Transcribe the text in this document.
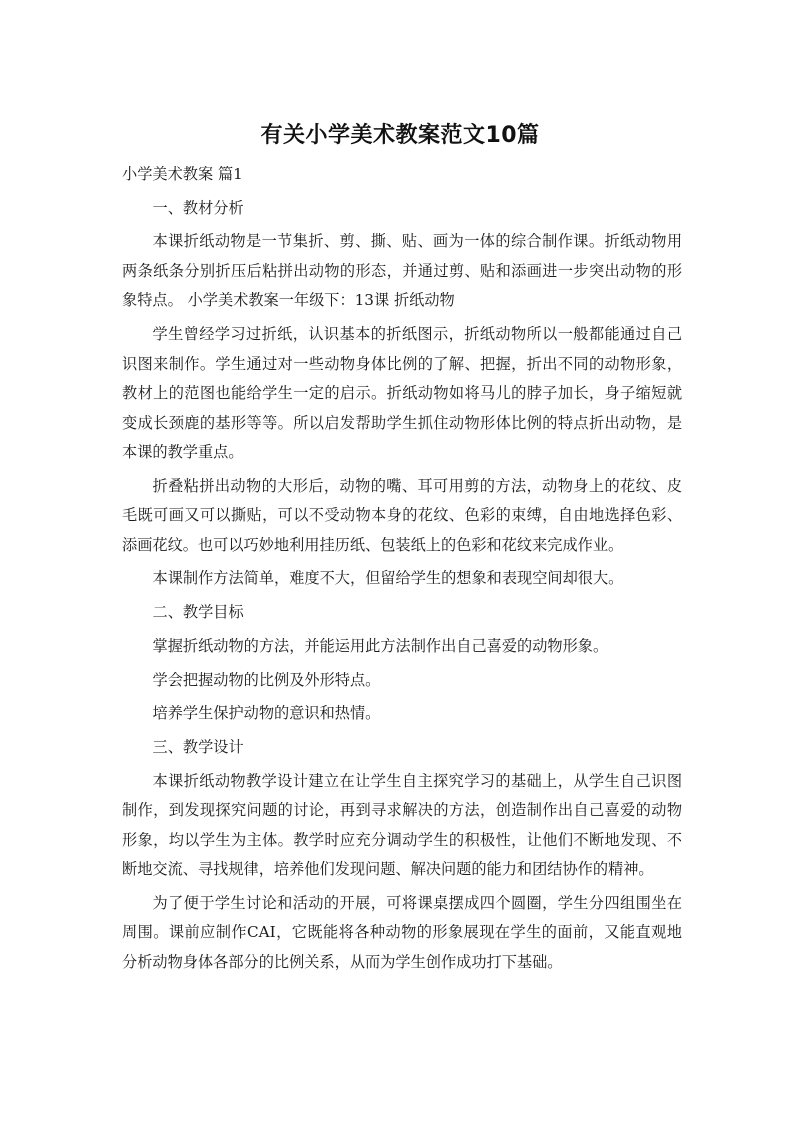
有关小学美术教案范文10篇

小学美术教案 篇1

一、教材分析

本课折纸动物是一节集折、剪、撕、贴、画为一体的综合制作课。折纸动物用两条纸条分别折压后粘拼出动物的形态，并通过剪、贴和添画进一步突出动物的形象特点。 小学美术教案一年级下：13课 折纸动物

学生曾经学习过折纸，认识基本的折纸图示，折纸动物所以一般都能通过自己识图来制作。学生通过对一些动物身体比例的了解、把握，折出不同的动物形象，教材上的范图也能给学生一定的启示。折纸动物如将马儿的脖子加长，身子缩短就变成长颈鹿的基形等等。所以启发帮助学生抓住动物形体比例的特点折出动物，是本课的教学重点。

折叠粘拼出动物的大形后，动物的嘴、耳可用剪的方法，动物身上的花纹、皮毛既可画又可以撕贴，可以不受动物本身的花纹、色彩的束缚，自由地选择色彩、添画花纹。也可以巧妙地利用挂历纸、包装纸上的色彩和花纹来完成作业。

本课制作方法简单，难度不大，但留给学生的想象和表现空间却很大。

二、教学目标

掌握折纸动物的方法，并能运用此方法制作出自己喜爱的动物形象。

学会把握动物的比例及外形特点。

培养学生保护动物的意识和热情。

三、教学设计

本课折纸动物教学设计建立在让学生自主探究学习的基础上，从学生自己识图制作，到发现探究问题的讨论，再到寻求解决的方法，创造制作出自己喜爱的动物形象，均以学生为主体。教学时应充分调动学生的积极性，让他们不断地发现、不断地交流、寻找规律，培养他们发现问题、解决问题的能力和团结协作的精神。

为了便于学生讨论和活动的开展，可将课桌摆成四个圆圈，学生分四组围坐在周围。课前应制作CAI，它既能将各种动物的形象展现在学生的面前，又能直观地分析动物身体各部分的比例关系，从而为学生创作成功打下基础。
